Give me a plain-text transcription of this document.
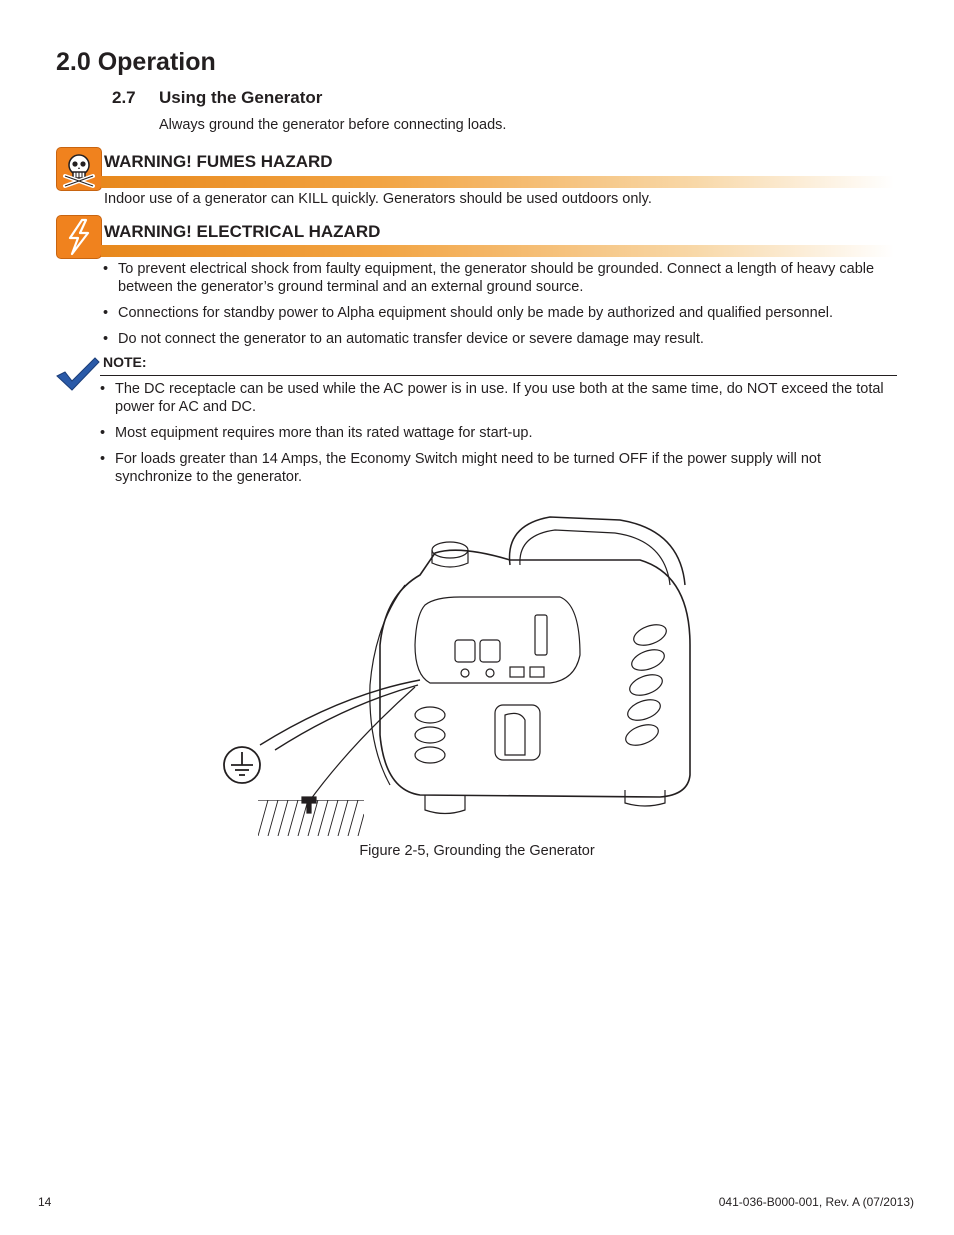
2.0 Operation
2.7 Using the Generator
Always ground the generator before connecting loads.
WARNING! FUMES HAZARD
Indoor use of a generator can KILL quickly. Generators should be used outdoors only.
WARNING! ELECTRICAL HAZARD
• To prevent electrical shock from faulty equipment, the generator should be grounded. Connect a length of heavy cable between the generator’s ground terminal and an external ground source.
• Connections for standby power to Alpha equipment should only be made by authorized and qualified personnel.
• Do not connect the generator to an automatic transfer device or severe damage may result.
NOTE:
• The DC receptacle can be used while the AC power is in use. If you use both at the same time, do NOT exceed the total power for AC and DC.
• Most equipment requires more than its rated wattage for start-up.
• For loads greater than 14 Amps, the Economy Switch might need to be turned OFF if the power supply will not synchronize to the generator.
Figure 2-5, Grounding the Generator
14	041-036-B000-001, Rev. A (07/2013)
